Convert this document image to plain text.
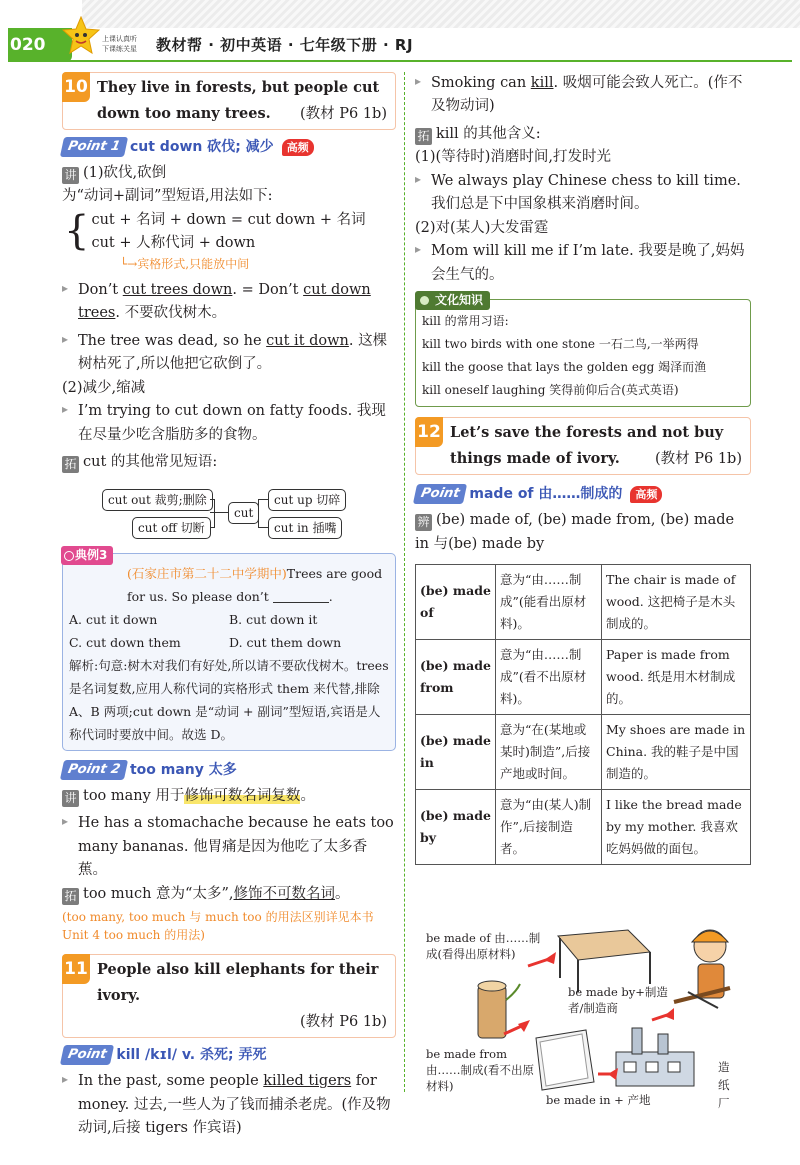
020	上课认真听
下课练关星 教材帮 · 初中英语 · 七年级下册 · RJ
10 They live in forests, but people cut down too many trees. (教材 P6 1b)
Point 1 cut down 砍伐; 减少	高频
讲 (1)砍伐,砍倒
为“动词+副词”型短语,用法如下:
{ cut + 名词 + down = cut down + 名词
cut + 人称代词 + down
└→宾格形式,只能放中间
▸ Don’t cut trees down. = Don’t cut down trees. 不要砍伐树木。
▸ The tree was dead, so he cut it down. 这棵树枯死了,所以他把它砍倒了。
(2)减少,缩减
▸ I’m trying to cut down on fatty foods. 我现在尽量少吃含脂肪多的食物。
拓 cut 的其他常见短语:
cut out 裁剪;删除
cut off 切断
cut
cut up 切碎
cut in 插嘴
典例3
(石家庄市第二十二中学期中)Trees are good for us. So please don’t	.
A. cut it down	B. cut down it
C. cut down them	D. cut them down
解析:句意:树木对我们有好处,所以请不要砍伐树木。trees 是名词复数,应用人称代词的宾格形式 them 来代替,排除 A、B 两项;cut down 是“动词 + 副词”型短语,宾语是人称代词时要放中间。故选 D。
Point 2 too many 太多
讲 too many 用于修饰可数名词复数。
▸ He has a stomachache because he eats too many bananas. 他胃痛是因为他吃了太多香蕉。
拓 too much 意为“太多”,修饰不可数名词。
(too many, too much 与 much too 的用法区别详见本书 Unit 4 too much 的用法)
11 People also kill elephants for their ivory.

(教材 P6 1b)
Point kill /kɪl/ v. 杀死; 弄死
▸ In the past, some people killed tigers for money. 过去,一些人为了钱而捕杀老虎。(作及物动词,后接 tigers 作宾语)
▸ Smoking can kill. 吸烟可能会致人死亡。(作不及物动词)
拓 kill 的其他含义:
(1)(等待时)消磨时间,打发时光
▸ We always play Chinese chess to kill time. 我们总是下中国象棋来消磨时间。
(2)对(某人)大发雷霆
▸ Mom will kill me if I’m late. 我要是晚了,妈妈会生气的。
文化知识
kill 的常用习语:
kill two birds with one stone 一石二鸟,一举两得
kill the goose that lays the golden egg 竭泽而渔
kill oneself laughing 笑得前仰后合(英式英语)
12 Let’s save the forests and not buy things made of ivory. (教材 P6 1b)
Point made of 由……制成的	高频
辨 (be) made of, (be) made from, (be) made in 与(be) made by
(be) made of	意为“由……制成”(能看出原材料)。	The chair is made of wood. 这把椅子是木头制成的。
(be) made from	意为“由……制成”(看不出原材料)。	Paper is made from wood. 纸是用木材制成的。
(be) made in	意为“在(某地或某时)制造”,后接产地或时间。	My shoes are made in China. 我的鞋子是中国制造的。
(be) made by	意为“由(某人)制作”,后接制造者。	I like the bread made by my mother. 我喜欢吃妈妈做的面包。
be made of 由……制成(看得出原材料)
be made by+制造者/制造商
be made from 由……制成(看不出原材料)
be made in + 产地
造纸厂
